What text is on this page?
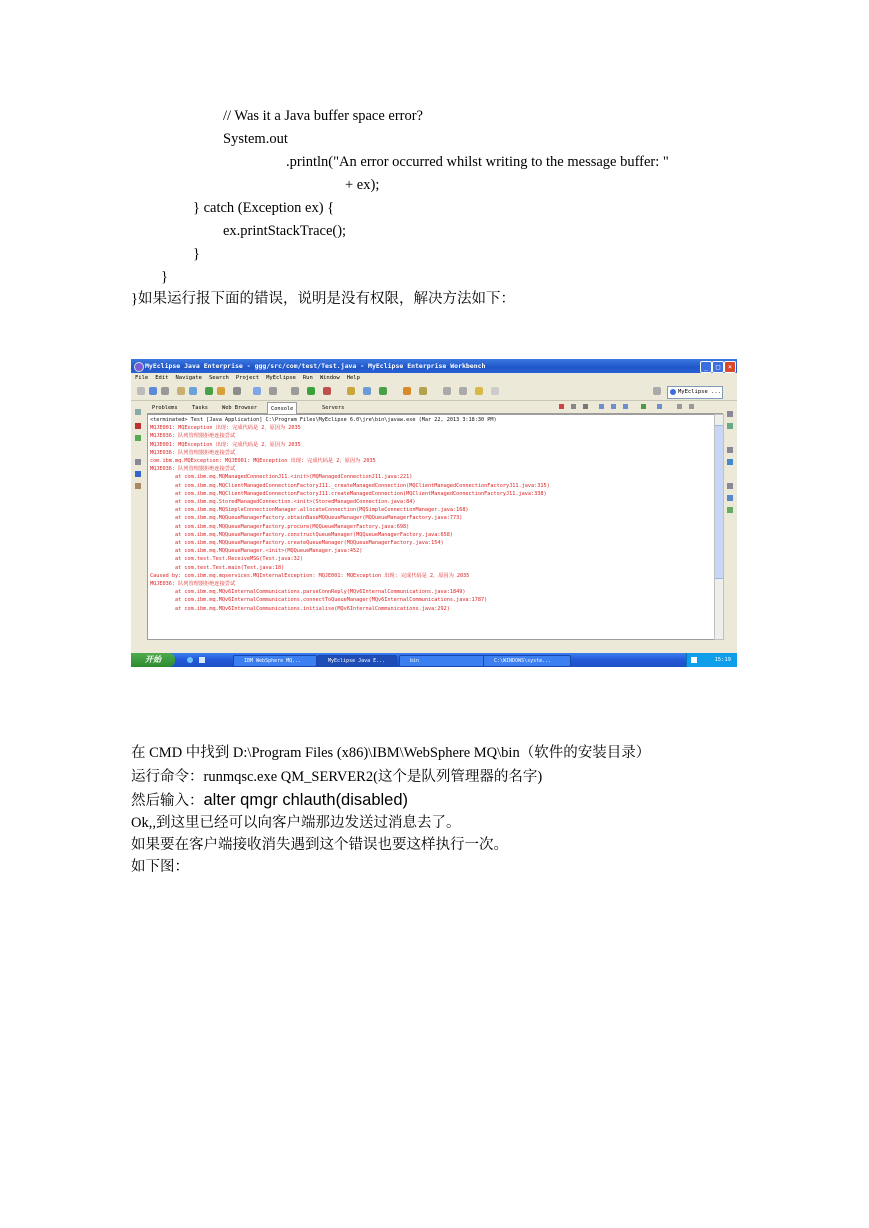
// Was it a Java buffer space error?
System.out
.println("An error occurred whilst writing to the message buffer: "
+ ex);
} catch (Exception ex) {
ex.printStackTrace();
}
}
}如果运行报下面的错误，说明是没有权限，解决方法如下：
MyEclipse Java Enterprise - ggg/src/com/test/Test.java - MyEclipse Enterprise Workbench	_	□	×
File Edit Navigate Search Project MyEclipse Run Window Help
MyEclipse ...
Problems	Tasks	Web Browser	Console	Servers
<terminated> Test [Java Application] C:\Program Files\MyEclipse 6.0\jre\bin\javaw.exe (Mar 22, 2013 3:18:30 PM)
MQJE001: MQException 出现: 完成代码是 2，原因为 2035
MQJE036: 队列管理器拒绝连接尝试
MQJE001: MQException 出现: 完成代码是 2，原因为 2035
MQJE036: 队列管理器拒绝连接尝试
com.ibm.mq.MQException: MQJE001: MQException 出现: 完成代码是 2，原因为 2035
MQJE036: 队列管理器拒绝连接尝试
at com.ibm.mq.MQManagedConnectionJ11.<init>(MQManagedConnectionJ11.java:221)
at com.ibm.mq.MQClientManagedConnectionFactoryJ11._createManagedConnection(MQClientManagedConnectionFactoryJ11.java:315)
at com.ibm.mq.MQClientManagedConnectionFactoryJ11.createManagedConnection(MQClientManagedConnectionFactoryJ11.java:338)
at com.ibm.mq.StoredManagedConnection.<init>(StoredManagedConnection.java:84)
at com.ibm.mq.MQSimpleConnectionManager.allocateConnection(MQSimpleConnectionManager.java:168)
at com.ibm.mq.MQQueueManagerFactory.obtainBaseMQQueueManager(MQQueueManagerFactory.java:773)
at com.ibm.mq.MQQueueManagerFactory.procure(MQQueueManagerFactory.java:698)
at com.ibm.mq.MQQueueManagerFactory.constructQueueManager(MQQueueManagerFactory.java:658)
at com.ibm.mq.MQQueueManagerFactory.createQueueManager(MQQueueManagerFactory.java:154)
at com.ibm.mq.MQQueueManager.<init>(MQQueueManager.java:452)
at com.test.Test.ReceiveMSG(Test.java:32)
at com.test.Test.main(Test.java:18)
Caused by: com.ibm.mq.mqservices.MQInternalException: MQJE001: MQException 出现: 完成代码是 2，原因为 2035
MQJE036: 队列管理器拒绝连接尝试
at com.ibm.mq.MQv6InternalCommunications.parseConnReply(MQv6InternalCommunications.java:1849)
at com.ibm.mq.MQv6InternalCommunications.connectToQueueManager(MQv6InternalCommunications.java:1787)
at com.ibm.mq.MQv6InternalCommunications.initialise(MQv6InternalCommunications.java:292)
开始	IBM WebSphere MQ...	MyEclipse Java E...	bin	C:\WINDOWS\syste...	15:19
在 CMD 中找到 D:\Program Files (x86)\IBM\WebSphere MQ\bin（软件的安装目录）
运行命令：runmqsc.exe QM_SERVER2(这个是队列管理器的名字)
然后输入：alter qmgr chlauth(disabled)
Ok,,到这里已经可以向客户端那边发送过消息去了。
如果要在客户端接收消失遇到这个错误也要这样执行一次。
如下图：
